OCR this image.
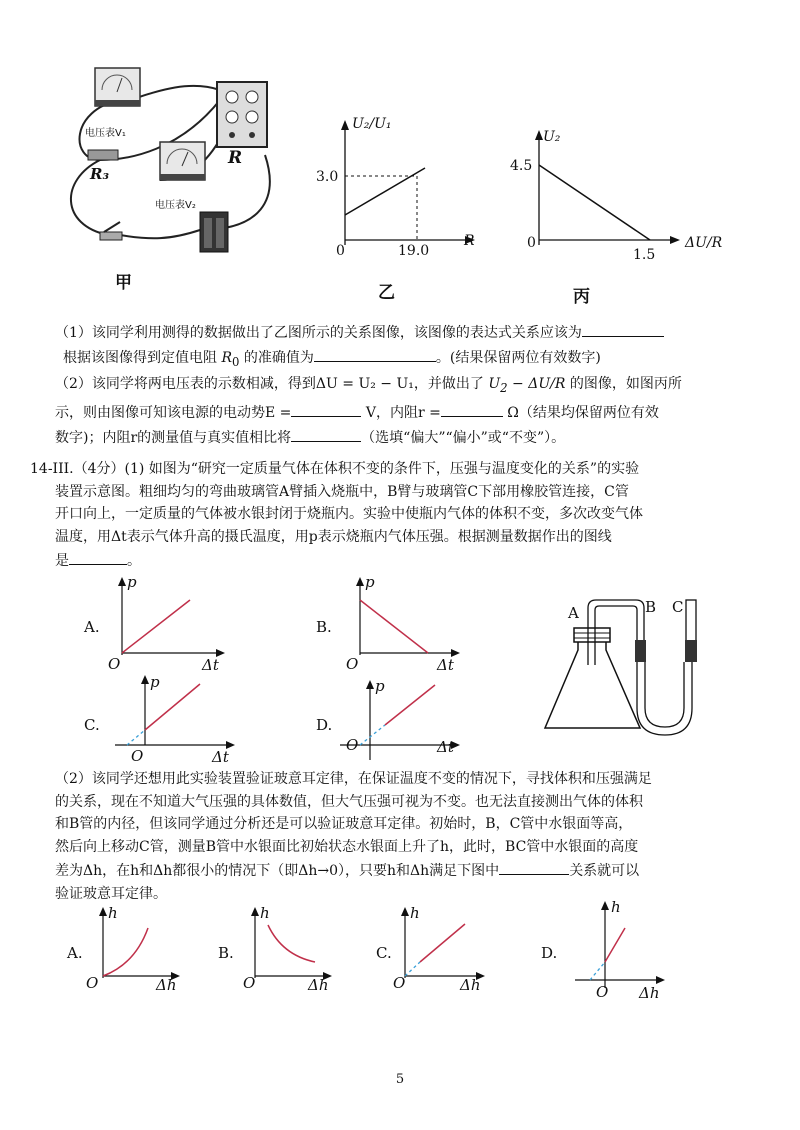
电压表V₁
电压表V₂
R₃
R
甲
U₂/U₁
3.0
0	19.0
R
乙
U₂
4.5
0
1.5
ΔU/R
丙
（1）该同学利用测得的数据做出了乙图所示的关系图像，该图像的表达式关系应该为
根据该图像得到定值电阻 $R_0$ 的准确值为	。(结果保留两位有效数字)
（2）该同学将两电压表的示数相减，得到ΔU = U₂ − U₁，并做出了 $U_2 - \Delta U/R$ 的图像，如图丙所
示，则由图像可知该电源的电动势E =	V，内阻r =	Ω（结果均保留两位有效
数字)；内阻r的测量值与真实值相比将	（选填“偏大”“偏小”或“不变”）。
14-III.（4分）(1) 如图为“研究一定质量气体在体积不变的条件下，压强与温度变化的关系”的实验
装置示意图。粗细均匀的弯曲玻璃管A臂插入烧瓶中，B臂与玻璃管C下部用橡胶管连接，C管
开口向上，一定质量的气体被水银封闭于烧瓶内。实验中使瓶内气体的体积不变，多次改变气体
温度，用Δt表示气体升高的摄氏温度，用p表示烧瓶内气体压强。根据测量数据作出的图线
是	。
A.
p
O	Δt
B.
p
O	Δt
C.
p
O	Δt
D.
p
O	Δt
A	B C
（2）该同学还想用此实验装置验证玻意耳定律，在保证温度不变的情况下，寻找体积和压强满足
的关系，现在不知道大气压强的具体数值，但大气压强可视为不变。也无法直接测出气体的体积
和B管的内径，但该同学通过分析还是可以验证玻意耳定律。初始时，B，C管中水银面等高，
然后向上移动C管，测量B管中水银面比初始状态水银面上升了h，此时，BC管中水银面的高度
差为Δh，在h和Δh都很小的情况下（即Δh→0），只要h和Δh满足下图中	关系就可以
验证玻意耳定律。
A.
h
O	Δh
B.
h
O	Δh
C.
h
O	Δh
D.
h
O Δh
5
